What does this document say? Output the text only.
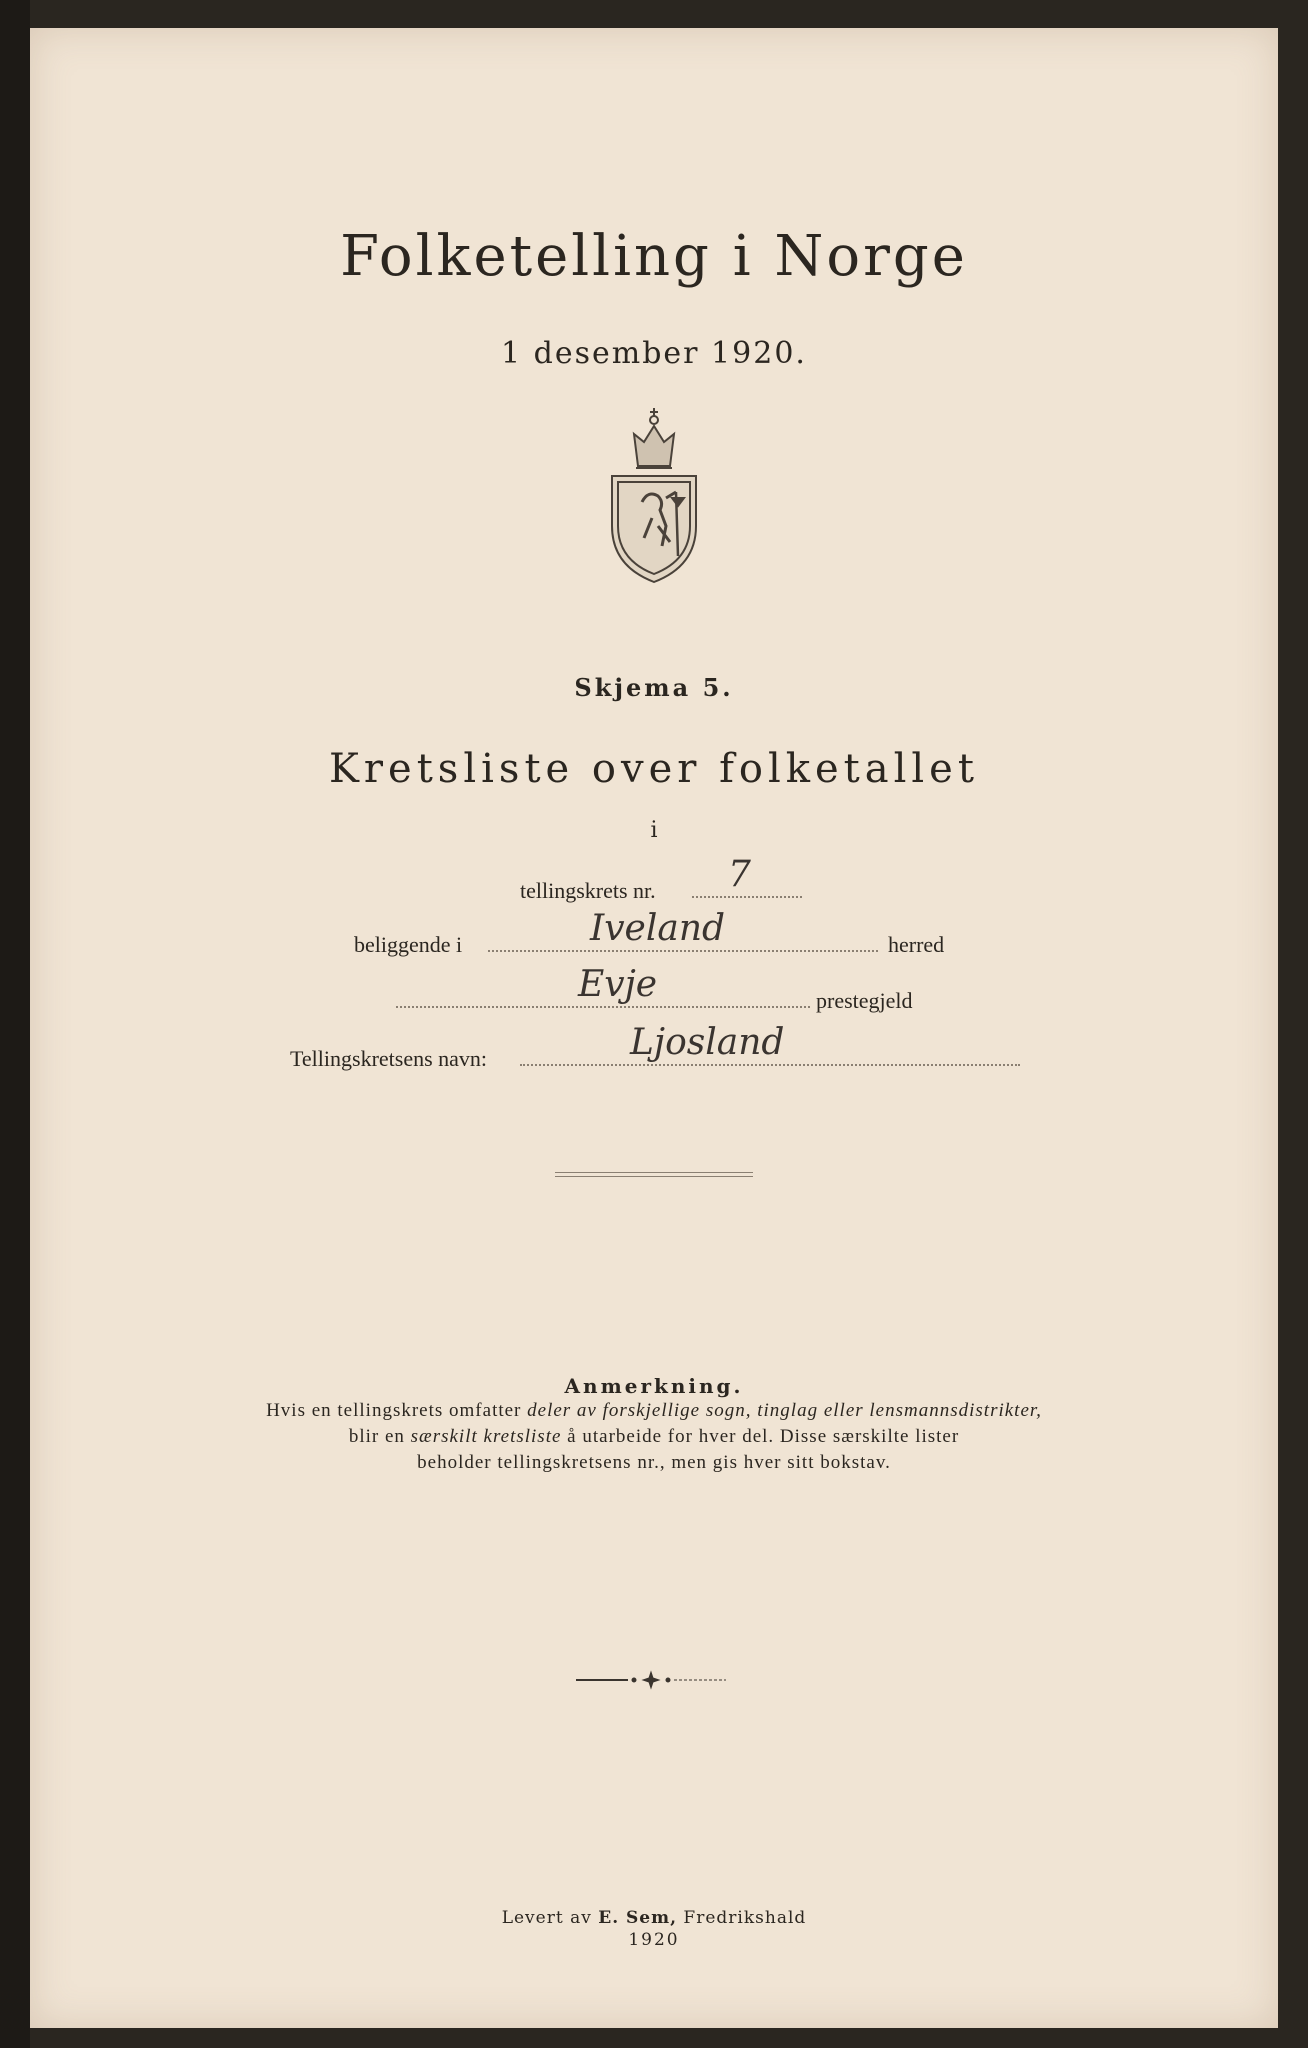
Folketelling i Norge
1 desember 1920.
Skjema 5.
Kretsliste over folketallet
i
tellingskrets nr. 7
beliggende i	Iveland	herred
Evje	prestegjeld
Tellingskretsens navn:	Ljosland
Anmerkning.
Hvis en tellingskrets omfatter deler av forskjellige sogn, tinglag eller lensmannsdistrikter,
blir en særskilt kretsliste å utarbeide for hver del. Disse særskilte lister
beholder tellingskretsens nr., men gis hver sitt bokstav.
Levert av E. Sem, Fredrikshald
1920
